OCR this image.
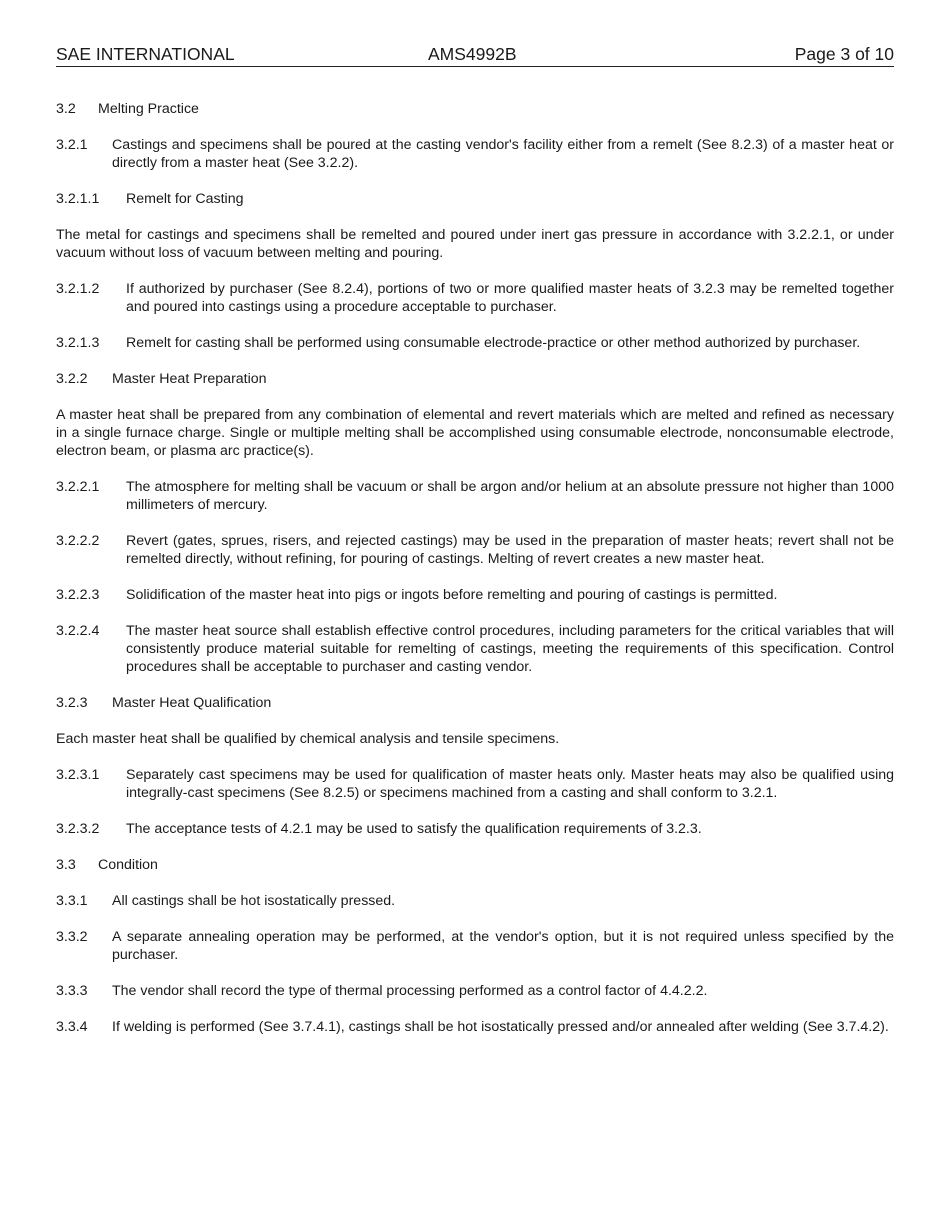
SAE INTERNATIONAL	AMS4992B	Page 3 of 10
3.2 Melting Practice
3.2.1 Castings and specimens shall be poured at the casting vendor's facility either from a remelt (See 8.2.3) of a master heat or directly from a master heat (See 3.2.2).
3.2.1.1 Remelt for Casting
The metal for castings and specimens shall be remelted and poured under inert gas pressure in accordance with 3.2.2.1, or under vacuum without loss of vacuum between melting and pouring.
3.2.1.2 If authorized by purchaser (See 8.2.4), portions of two or more qualified master heats of 3.2.3 may be remelted together and poured into castings using a procedure acceptable to purchaser.
3.2.1.3 Remelt for casting shall be performed using consumable electrode-practice or other method authorized by purchaser.
3.2.2 Master Heat Preparation
A master heat shall be prepared from any combination of elemental and revert materials which are melted and refined as necessary in a single furnace charge. Single or multiple melting shall be accomplished using consumable electrode, nonconsumable electrode, electron beam, or plasma arc practice(s).
3.2.2.1 The atmosphere for melting shall be vacuum or shall be argon and/or helium at an absolute pressure not higher than 1000 millimeters of mercury.
3.2.2.2 Revert (gates, sprues, risers, and rejected castings) may be used in the preparation of master heats; revert shall not be remelted directly, without refining, for pouring of castings. Melting of revert creates a new master heat.
3.2.2.3 Solidification of the master heat into pigs or ingots before remelting and pouring of castings is permitted.
3.2.2.4 The master heat source shall establish effective control procedures, including parameters for the critical variables that will consistently produce material suitable for remelting of castings, meeting the requirements of this specification. Control procedures shall be acceptable to purchaser and casting vendor.
3.2.3 Master Heat Qualification
Each master heat shall be qualified by chemical analysis and tensile specimens.
3.2.3.1 Separately cast specimens may be used for qualification of master heats only. Master heats may also be qualified using integrally-cast specimens (See 8.2.5) or specimens machined from a casting and shall conform to 3.2.1.
3.2.3.2 The acceptance tests of 4.2.1 may be used to satisfy the qualification requirements of 3.2.3.
3.3 Condition
3.3.1 All castings shall be hot isostatically pressed.
3.3.2 A separate annealing operation may be performed, at the vendor's option, but it is not required unless specified by the purchaser.
3.3.3 The vendor shall record the type of thermal processing performed as a control factor of 4.4.2.2.
3.3.4 If welding is performed (See 3.7.4.1), castings shall be hot isostatically pressed and/or annealed after welding (See 3.7.4.2).
